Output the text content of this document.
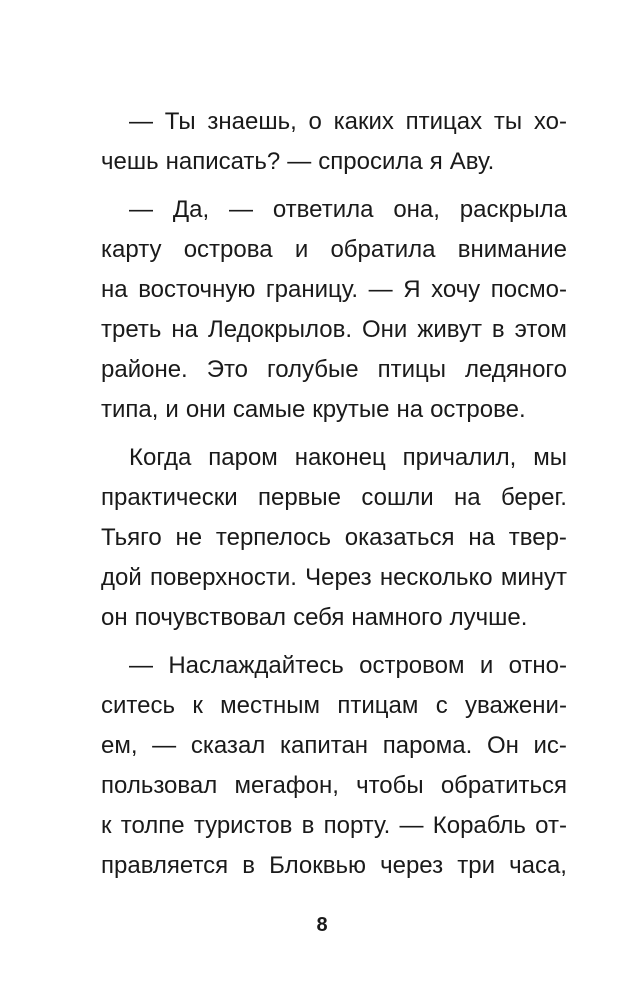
— Ты знаешь, о каких птицах ты хо-
чешь написать? — спросила я Аву.
— Да, — ответила она, раскрыла
карту острова и обратила внимание
на восточную границу. — Я хочу посмо-
треть на Ледокрылов. Они живут в этом
районе. Это голубые птицы ледяного
типа, и они самые крутые на острове.
Когда паром наконец причалил, мы
практически первые сошли на берег.
Тьяго не терпелось оказаться на твер-
дой поверхности. Через несколько минут
он почувствовал себя намного лучше.
— Наслаждайтесь островом и отно-
ситесь к местным птицам с уважени-
ем, — сказал капитан парома. Он ис-
пользовал мегафон, чтобы обратиться
к толпе туристов в порту. — Корабль от-
правляется в Блоквью через три часа,
8
